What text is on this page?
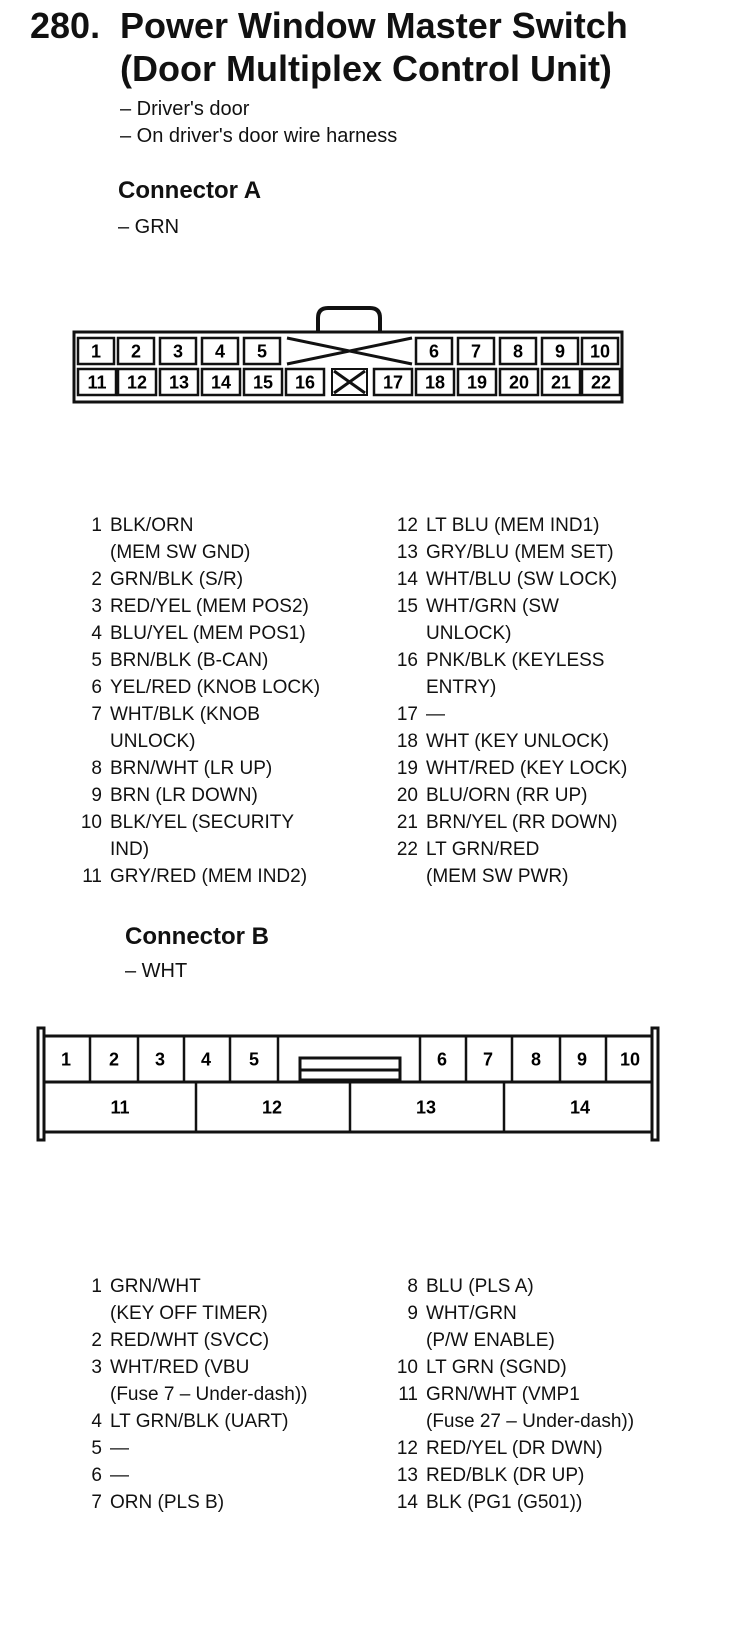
280. Power Window Master Switch
(Door Multiplex Control Unit)
– Driver's door
– On driver's door wire harness
Connector A
– GRN
1 2 3 4 5	6 7 8 9 10
11 12 13 14 15 16	17 18 19 20 21 22
1 BLK/ORN
(MEM SW GND)
2 GRN/BLK (S/R)
3 RED/YEL (MEM POS2)
4 BLU/YEL (MEM POS1)
5 BRN/BLK (B-CAN)
6 YEL/RED (KNOB LOCK)
7 WHT/BLK (KNOB
UNLOCK)
8 BRN/WHT (LR UP)
9 BRN (LR DOWN)
10 BLK/YEL (SECURITY
IND)
11 GRY/RED (MEM IND2)
12 LT BLU (MEM IND1)
13 GRY/BLU (MEM SET)
14 WHT/BLU (SW LOCK)
15 WHT/GRN (SW
UNLOCK)
16 PNK/BLK (KEYLESS
ENTRY)
17 —
18 WHT (KEY UNLOCK)
19 WHT/RED (KEY LOCK)
20 BLU/ORN (RR UP)
21 BRN/YEL (RR DOWN)
22 LT GRN/RED
(MEM SW PWR)
Connector B
– WHT
1 2 3 4 5	6 7 8 9 10
11	12	13	14
1 GRN/WHT
(KEY OFF TIMER)
2 RED/WHT (SVCC)
3 WHT/RED (VBU
(Fuse 7 – Under-dash))
4 LT GRN/BLK (UART)
5 —
6 —
7 ORN (PLS B)
8 BLU (PLS A)
9 WHT/GRN
(P/W ENABLE)
10 LT GRN (SGND)
11 GRN/WHT (VMP1
(Fuse 27 – Under-dash))
12 RED/YEL (DR DWN)
13 RED/BLK (DR UP)
14 BLK (PG1 (G501))
